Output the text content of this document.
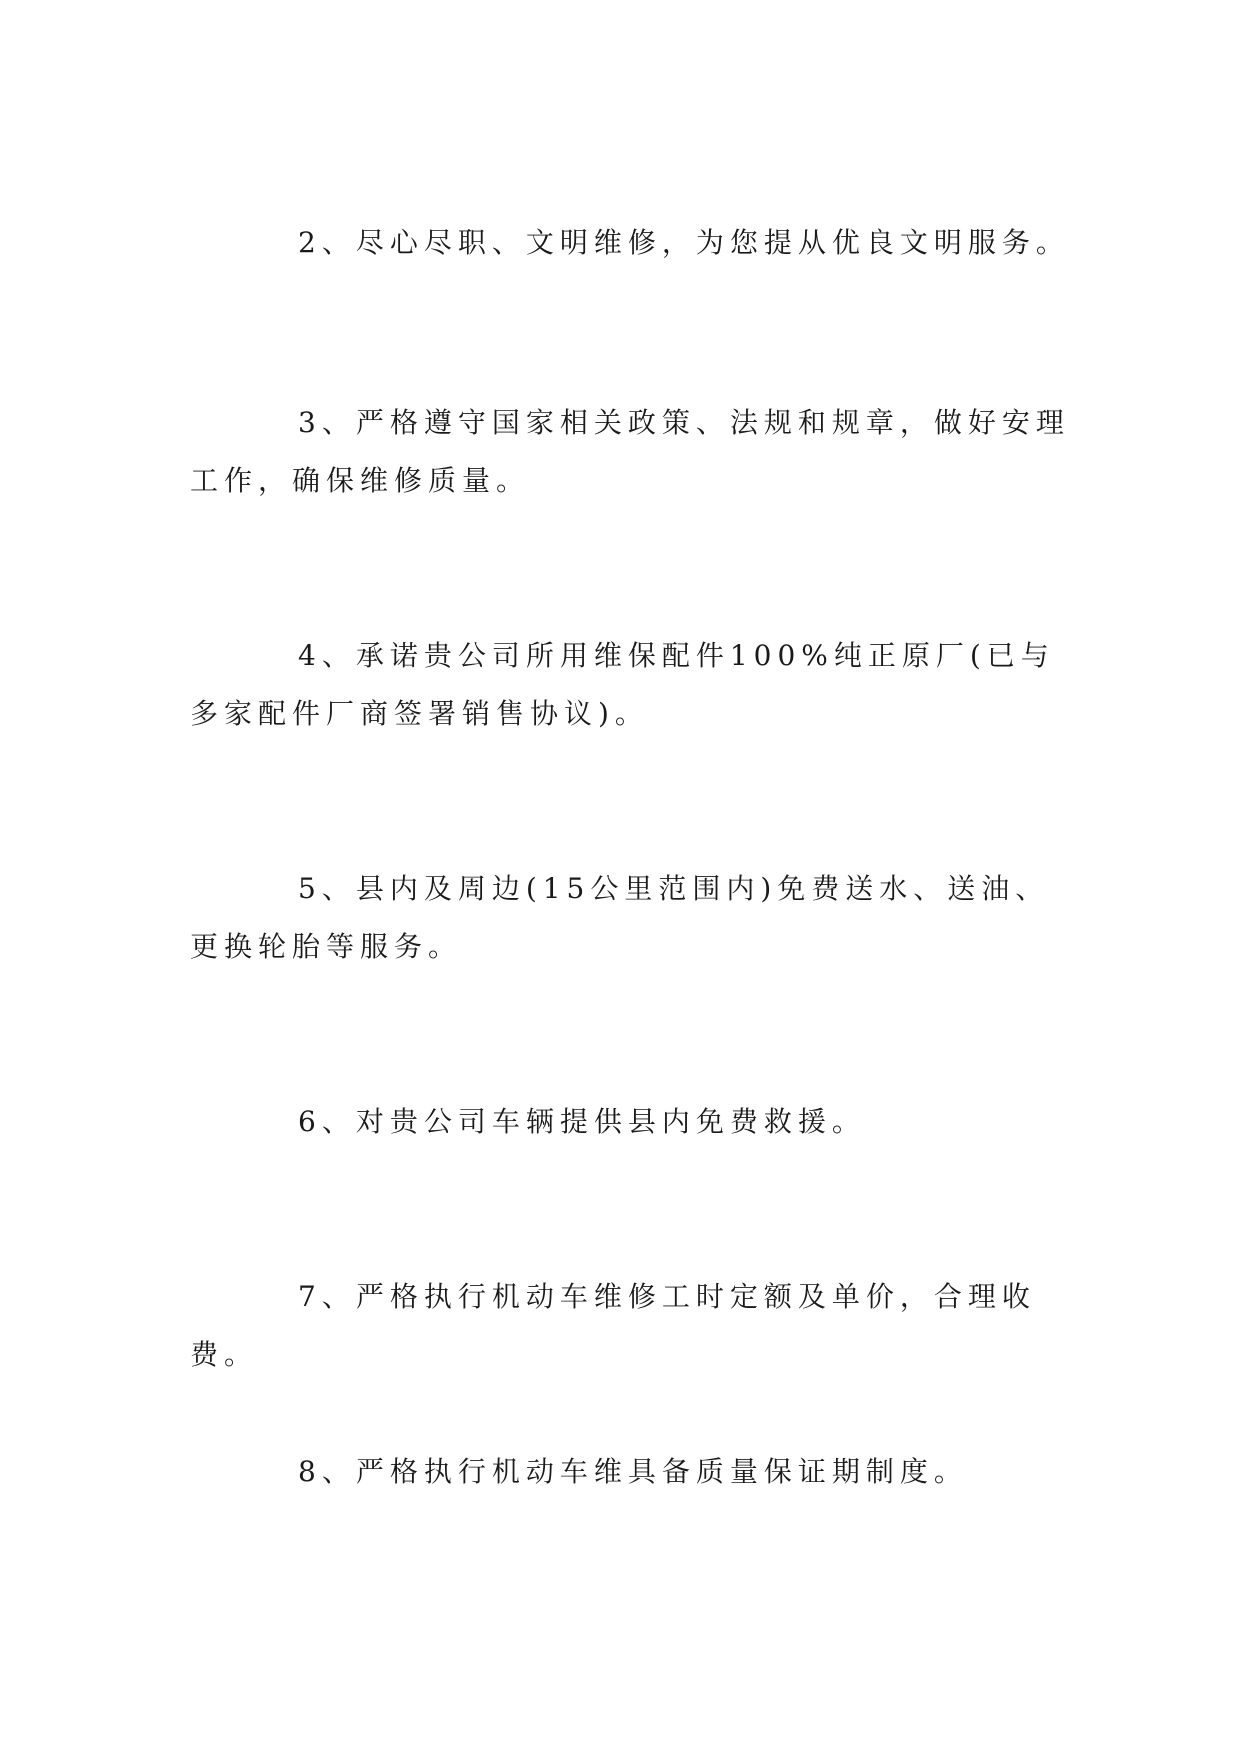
2、尽心尽职、文明维修，为您提从优良文明服务。

3、严格遵守国家相关政策、法规和规章，做好安理工作，确保维修质量。

4、承诺贵公司所用维保配件100%纯正原厂(已与多家配件厂商签署销售协议)。

5、县内及周边(15公里范围内)免费送水、送油、更换轮胎等服务。

6、对贵公司车辆提供县内免费救援。

7、严格执行机动车维修工时定额及单价，合理收费。

8、严格执行机动车维具备质量保证期制度。
